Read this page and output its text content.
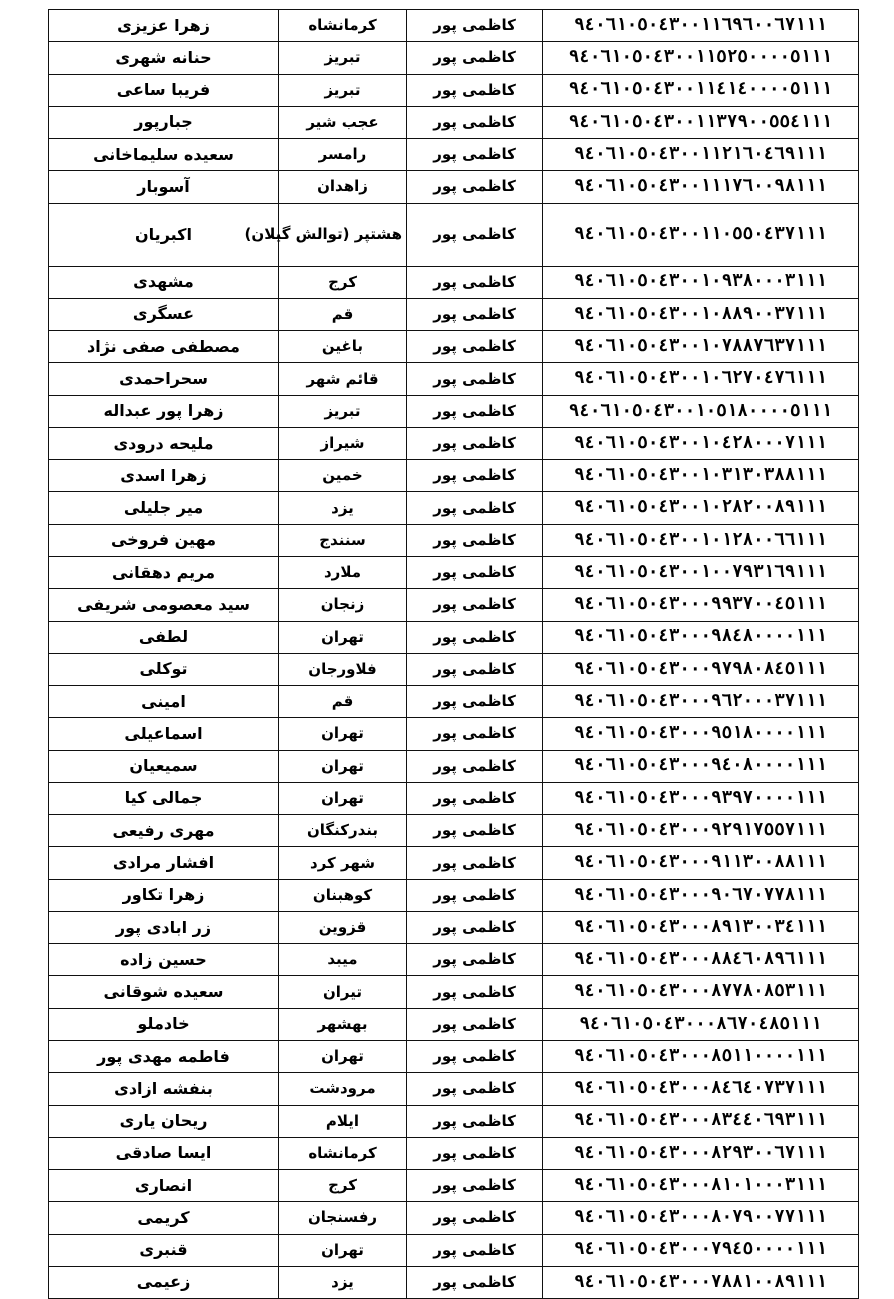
زهرا عزیزی	کرمانشاه	کاظمی پور	٩٤٠٦١٠٥٠٤٣٠٠١١٦٩٦٠٠٦٧١١١
حنانه شهری	تبریز	کاظمی پور	٩٤٠٦١٠٥٠٤٣٠٠١١٥٢٥٠٠٠٠٥١١١
فریبا ساعی	تبریز	کاظمی پور	٩٤٠٦١٠٥٠٤٣٠٠١١٤١٤٠٠٠٠٥١١١
جبارپور	عجب شیر	کاظمی پور	٩٤٠٦١٠٥٠٤٣٠٠١١٣٧٩٠٠٥٥٤١١١
سعیده سلیماخانی	رامسر	کاظمی پور	٩٤٠٦١٠٥٠٤٣٠٠١١٢١٦٠٤٦٩١١١
آسوبار	زاهدان	کاظمی پور	٩٤٠٦١٠٥٠٤٣٠٠١١١٧٦٠٠٩٨١١١
اکبریان	هشتپر (توالش گیلان)	کاظمی پور	٩٤٠٦١٠٥٠٤٣٠٠١١٠٥٥٠٤٣٧١١١
مشهدی	کرج	کاظمی پور	٩٤٠٦١٠٥٠٤٣٠٠١٠٩٣٨٠٠٠٣١١١
عسگری	قم	کاظمی پور	٩٤٠٦١٠٥٠٤٣٠٠١٠٨٨٩٠٠٣٧١١١
مصطفی صفی نژاد	باغین	کاظمی پور	٩٤٠٦١٠٥٠٤٣٠٠١٠٧٨٨٧٦٣٧١١١
سحراحمدی	قائم شهر	کاظمی پور	٩٤٠٦١٠٥٠٤٣٠٠١٠٦٢٧٠٤٧٦١١١
زهرا پور عبداله	تبریز	کاظمی پور	٩٤٠٦١٠٥٠٤٣٠٠١٠٥١٨٠٠٠٠٥١١١
ملیحه درودی	شیراز	کاظمی پور	٩٤٠٦١٠٥٠٤٣٠٠١٠٤٢٨٠٠٠٧١١١
زهرا اسدی	خمین	کاظمی پور	٩٤٠٦١٠٥٠٤٣٠٠١٠٣١٣٠٣٨٨١١١
میر جلیلی	یزد	کاظمی پور	٩٤٠٦١٠٥٠٤٣٠٠١٠٢٨٢٠٠٨٩١١١
مهین فروخی	سنندج	کاظمی پور	٩٤٠٦١٠٥٠٤٣٠٠١٠١٢٨٠٠٦٦١١١
مریم دهقانی	ملارد	کاظمی پور	٩٤٠٦١٠٥٠٤٣٠٠١٠٠٧٩٣١٦٩١١١
سید معصومی شریفی	زنجان	کاظمی پور	٩٤٠٦١٠٥٠٤٣٠٠٠٩٩٣٧٠٠٤٥١١١
لطفی	تهران	کاظمی پور	٩٤٠٦١٠٥٠٤٣٠٠٠٩٨٤٨٠٠٠٠١١١
توکلی	فلاورجان	کاظمی پور	٩٤٠٦١٠٥٠٤٣٠٠٠٩٧٩٨٠٨٤٥١١١
امینی	قم	کاظمی پور	٩٤٠٦١٠٥٠٤٣٠٠٠٩٦٢٠٠٠٣٧١١١
اسماعیلی	تهران	کاظمی پور	٩٤٠٦١٠٥٠٤٣٠٠٠٩٥١٨٠٠٠٠١١١
سمیعیان	تهران	کاظمی پور	٩٤٠٦١٠٥٠٤٣٠٠٠٩٤٠٨٠٠٠٠١١١
جمالی کیا	تهران	کاظمی پور	٩٤٠٦١٠٥٠٤٣٠٠٠٩٣٩٧٠٠٠٠١١١
مهری رفیعی	بندرکنگان	کاظمی پور	٩٤٠٦١٠٥٠٤٣٠٠٠٩٢٩١٧٥٥٧١١١
افشار مرادی	شهر کرد	کاظمی پور	٩٤٠٦١٠٥٠٤٣٠٠٠٩١١٣٠٠٨٨١١١
زهرا تکاور	کوهبنان	کاظمی پور	٩٤٠٦١٠٥٠٤٣٠٠٠٩٠٦٧٠٧٧٨١١١
زر ابادی پور	قزوین	کاظمی پور	٩٤٠٦١٠٥٠٤٣٠٠٠٨٩١٣٠٠٣٤١١١
حسین زاده	میبد	کاظمی پور	٩٤٠٦١٠٥٠٤٣٠٠٠٨٨٤٦٠٨٩٦١١١
سعیده شوقانی	تیران	کاظمی پور	٩٤٠٦١٠٥٠٤٣٠٠٠٨٧٧٨٠٨٥٣١١١
خادملو	بهشهر	کاظمی پور	٩٤٠٦١٠٥٠٤٣٠٠٠٨٦٧٠٤٨٥١١١
فاطمه مهدی پور	تهران	کاظمی پور	٩٤٠٦١٠٥٠٤٣٠٠٠٨٥١١٠٠٠٠١١١
بنفشه ازادی	مرودشت	کاظمی پور	٩٤٠٦١٠٥٠٤٣٠٠٠٨٤٦٤٠٧٣٧١١١
ریحان یاری	ایلام	کاظمی پور	٩٤٠٦١٠٥٠٤٣٠٠٠٨٣٤٤٠٦٩٣١١١
ایسا صادقی	کرمانشاه	کاظمی پور	٩٤٠٦١٠٥٠٤٣٠٠٠٨٢٩٣٠٠٦٧١١١
انصاری	کرج	کاظمی پور	٩٤٠٦١٠٥٠٤٣٠٠٠٨١٠١٠٠٠٣١١١
کریمی	رفسنجان	کاظمی پور	٩٤٠٦١٠٥٠٤٣٠٠٠٨٠٧٩٠٠٧٧١١١
قنبری	تهران	کاظمی پور	٩٤٠٦١٠٥٠٤٣٠٠٠٧٩٤٥٠٠٠٠١١١
زعیمی	یزد	کاظمی پور	٩٤٠٦١٠٥٠٤٣٠٠٠٧٨٨١٠٠٨٩١١١
